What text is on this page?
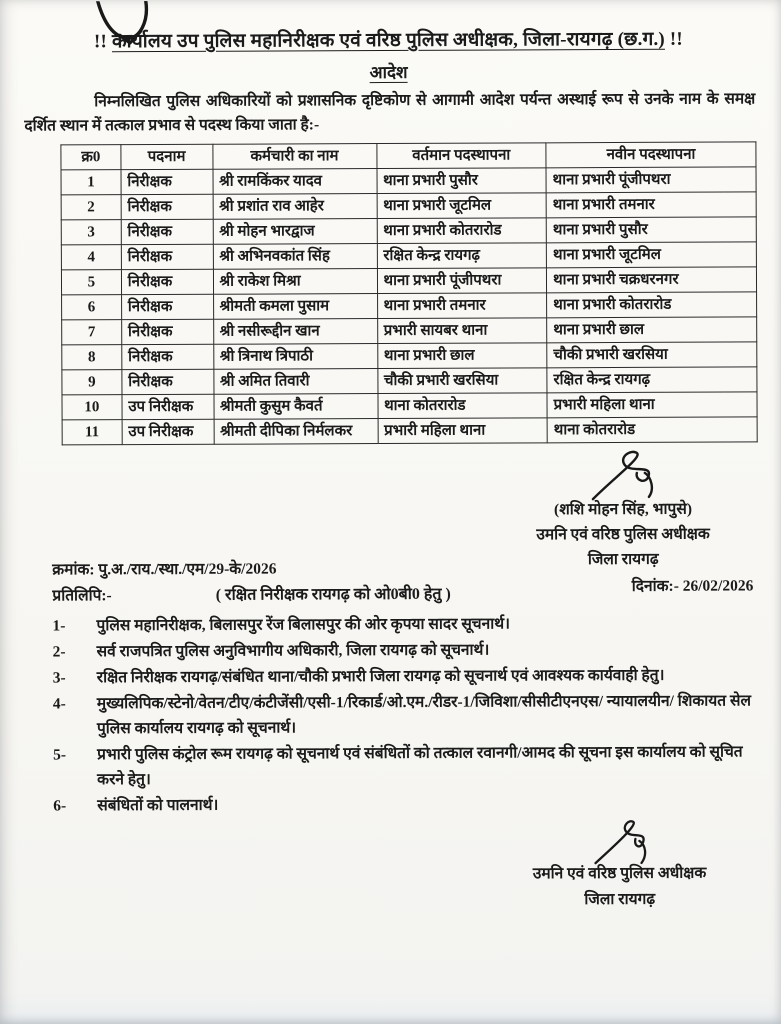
!! कार्यालय उप पुलिस महानिरीक्षक एवं वरिष्ठ पुलिस अधीक्षक, जिला-रायगढ़ (छ.ग.) !!
आदेश

निम्नलिखित पुलिस अधिकारियों को प्रशासनिक दृष्टिकोण से आगामी आदेश पर्यन्त अस्थाई रूप से उनके नाम के समक्ष दर्शित स्थान में तत्काल प्रभाव से पदस्थ किया जाता है:-

क्र0	पदनाम	कर्मचारी का नाम	वर्तमान पदस्थापना	नवीन पदस्थापना
1	निरीक्षक	श्री रामकिंकर यादव	थाना प्रभारी पुसौर	थाना प्रभारी पूंजीपथरा
2	निरीक्षक	श्री प्रशांत राव आहेर	थाना प्रभारी जूटमिल	थाना प्रभारी तमनार
3	निरीक्षक	श्री मोहन भारद्वाज	थाना प्रभारी कोतरारोड	थाना प्रभारी पुसौर
4	निरीक्षक	श्री अभिनवकांत सिंह	रक्षित केन्द्र रायगढ़	थाना प्रभारी जूटमिल
5	निरीक्षक	श्री राकेश मिश्रा	थाना प्रभारी पूंजीपथरा	थाना प्रभारी चक्रधरनगर
6	निरीक्षक	श्रीमती कमला पुसाम	थाना प्रभारी तमनार	थाना प्रभारी कोतरारोड
7	निरीक्षक	श्री नसीरूद्दीन खान	प्रभारी सायबर थाना	थाना प्रभारी छाल
8	निरीक्षक	श्री त्रिनाथ त्रिपाठी	थाना प्रभारी छाल	चौकी प्रभारी खरसिया
9	निरीक्षक	श्री अमित तिवारी	चौकी प्रभारी खरसिया	रक्षित केन्द्र रायगढ़
10	उप निरीक्षक	श्रीमती कुसुम कैवर्त	थाना कोतरारोड	प्रभारी महिला थाना
11	उप निरीक्षक	श्रीमती दीपिका निर्मलकर	प्रभारी महिला थाना	थाना कोतरारोड
(शशि मोहन सिंह, भापुसे)
उमनि एवं वरिष्ठ पुलिस अधीक्षक
जिला रायगढ़
दिनांक:- 26/02/2026
क्रमांक: पु.अ./राय./स्था./एम/29-के/2026
प्रतिलिपि:-	( रक्षित निरीक्षक रायगढ़ को ओ0बी0 हेतु )
1-	पुलिस महानिरीक्षक, बिलासपुर रेंज बिलासपुर की ओर कृपया सादर सूचनार्थ।
2-	सर्व राजपत्रित पुलिस अनुविभागीय अधिकारी, जिला रायगढ़ को सूचनार्थ।
3-	रक्षित निरीक्षक रायगढ़/संबंधित थाना/चौकी प्रभारी जिला रायगढ़ को सूचनार्थ एवं आवश्यक कार्यवाही हेतु।
4-	मुख्यलिपिक/स्टेनो/वेतन/टीए/कंटीजेंसी/एसी-1/रिकार्ड/ओ.एम./रीडर-1/जिविशा/सीसीटीएनएस/ न्यायालयीन/ शिकायत सेल पुलिस कार्यालय रायगढ़ को सूचनार्थ।
5-	प्रभारी पुलिस कंट्रोल रूम रायगढ़ को सूचनार्थ एवं संबंधितों को तत्काल रवानगी/आमद की सूचना इस कार्यालय को सूचित करने हेतु।
6-	संबंधितों को पालनार्थ।
उमनि एवं वरिष्ठ पुलिस अधीक्षक
जिला रायगढ़
